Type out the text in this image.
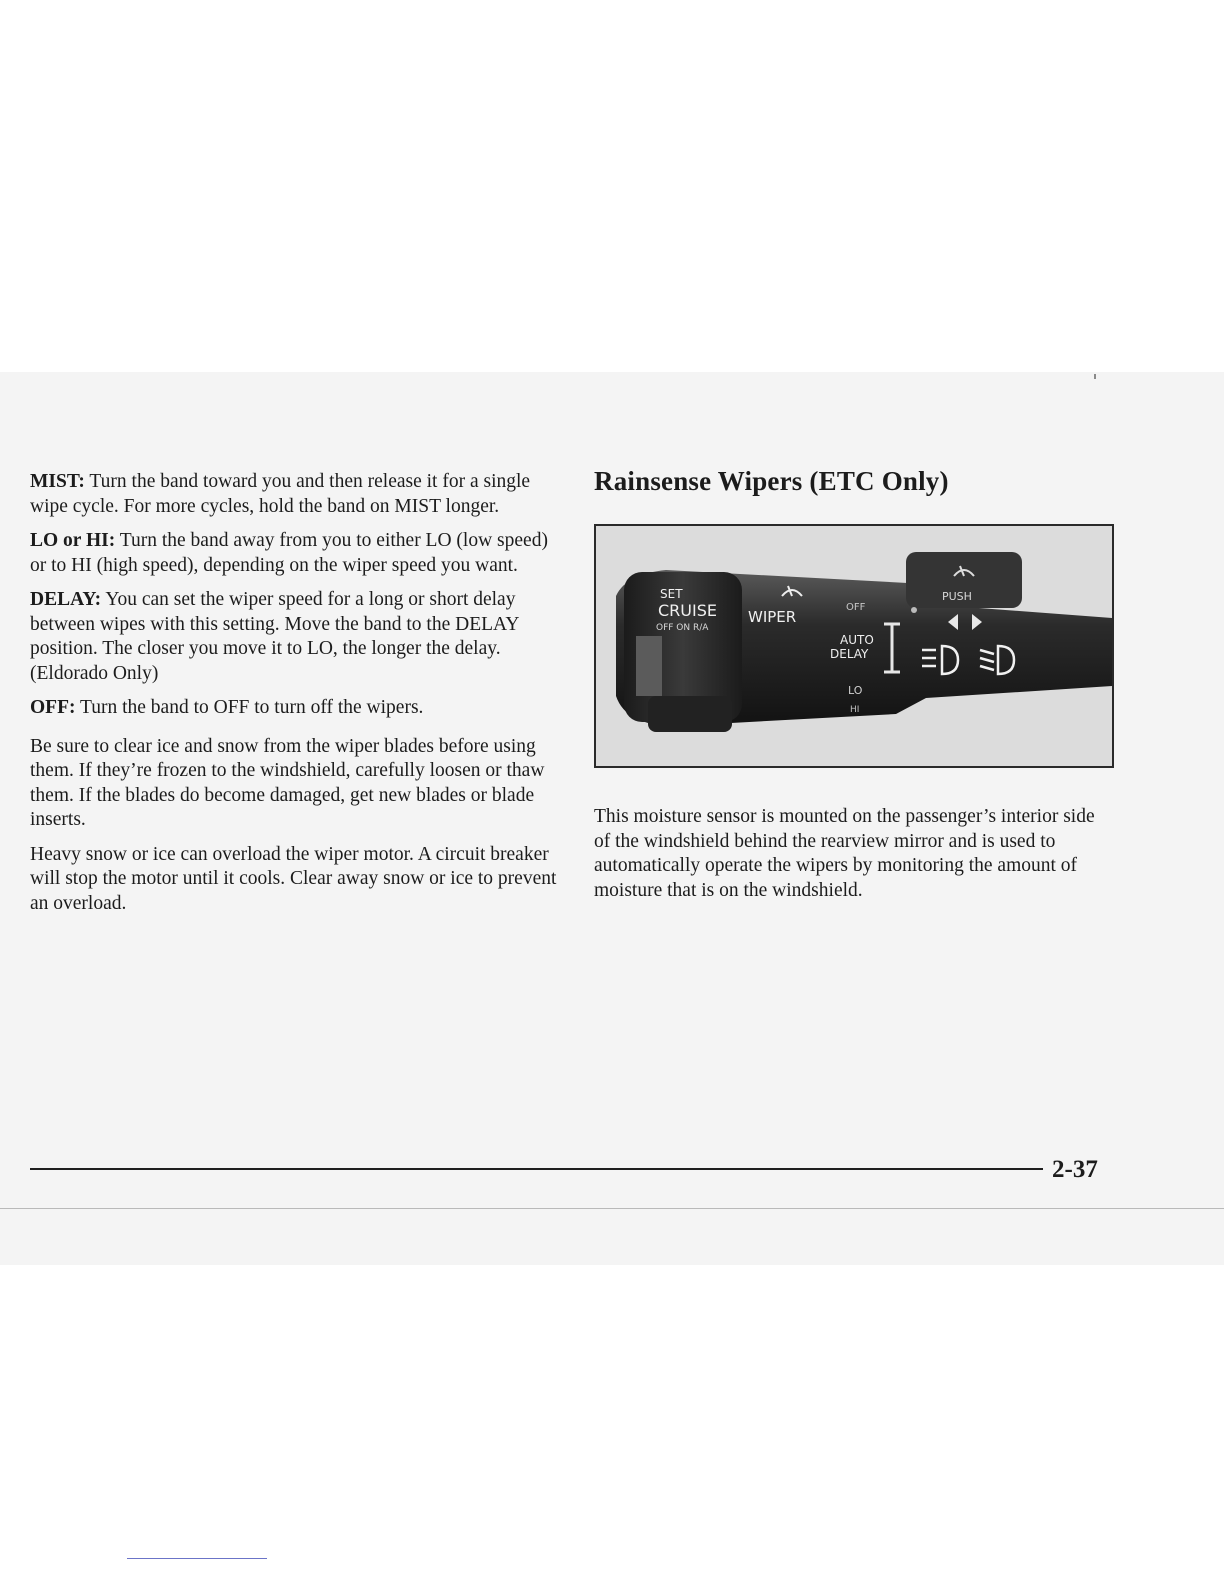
MIST: Turn the band toward you and then release it for a single wipe cycle. For more cycles, hold the band on MIST longer.

LO or HI: Turn the band away from you to either LO (low speed) or to HI (high speed), depending on the wiper speed you want.

DELAY: You can set the wiper speed for a long or short delay between wipes with this setting. Move the band to the DELAY position. The closer you move it to LO, the longer the delay. (Eldorado Only)

OFF: Turn the band to OFF to turn off the wipers.

Be sure to clear ice and snow from the wiper blades before using them. If they’re frozen to the windshield, carefully loosen or thaw them. If the blades do become damaged, get new blades or blade inserts.

Heavy snow or ice can overload the wiper motor. A circuit breaker will stop the motor until it cools. Clear away snow or ice to prevent an overload.

Rainsense Wipers (ETC Only)
SET
CRUISE
OFF ON R/A
WIPER
OFF
AUTO
DELAY
LO
HI
PUSH

This moisture sensor is mounted on the passenger’s interior side of the windshield behind the rearview mirror and is used to automatically operate the wipers by monitoring the amount of moisture that is on the windshield.

2-37
